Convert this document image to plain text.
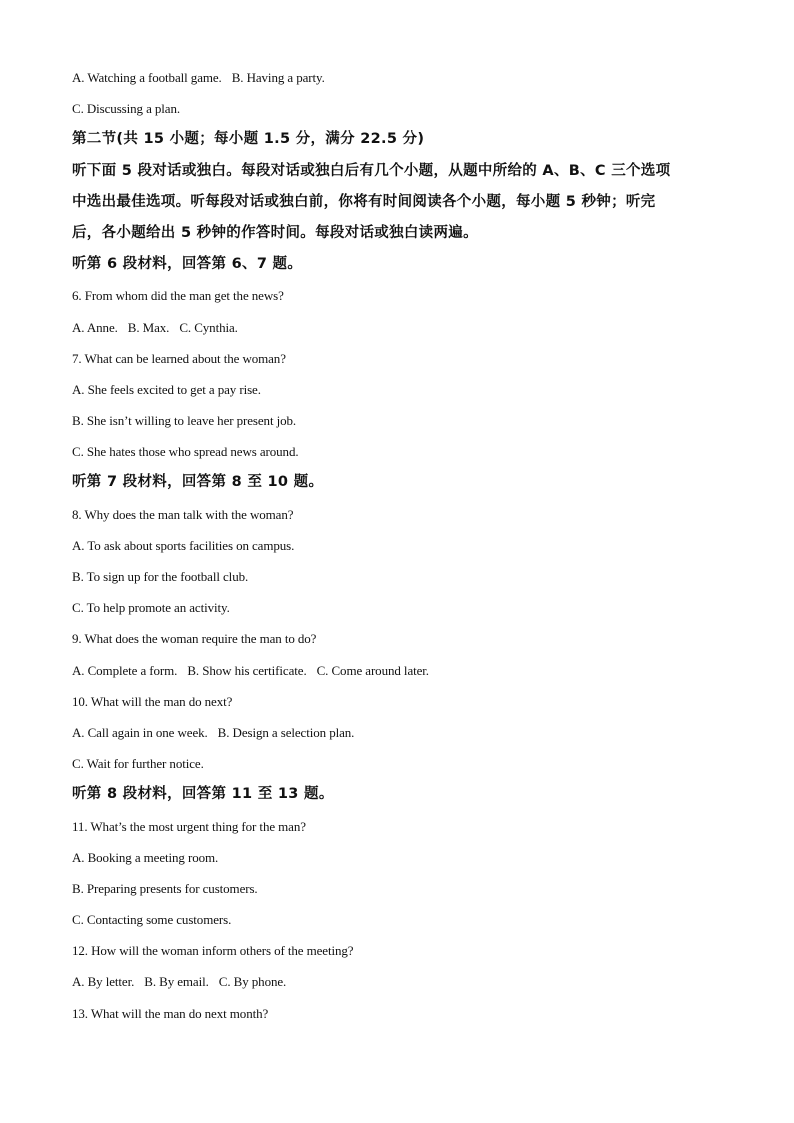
A. Watching a football game. B. Having a party.
C. Discussing a plan.
第二节(共 15 小题；每小题 1.5 分，满分 22.5 分)
听下面 5 段对话或独白。每段对话或独白后有几个小题，从题中所给的 A、B、C 三个选项
中选出最佳选项。听每段对话或独白前，你将有时间阅读各个小题，每小题 5 秒钟；听完
后，各小题给出 5 秒钟的作答时间。每段对话或独白读两遍。
听第 6 段材料，回答第 6、7 题。
6. From whom did the man get the news?
A. Anne. B. Max. C. Cynthia.
7. What can be learned about the woman?
A. She feels excited to get a pay rise.
B. She isn’t willing to leave her present job.
C. She hates those who spread news around.
听第 7 段材料，回答第 8 至 10 题。
8. Why does the man talk with the woman?
A. To ask about sports facilities on campus.
B. To sign up for the football club.
C. To help promote an activity.
9. What does the woman require the man to do?
A. Complete a form. B. Show his certificate. C. Come around later.
10. What will the man do next?
A. Call again in one week. B. Design a selection plan.
C. Wait for further notice.
听第 8 段材料，回答第 11 至 13 题。
11. What’s the most urgent thing for the man?
A. Booking a meeting room.
B. Preparing presents for customers.
C. Contacting some customers.
12. How will the woman inform others of the meeting?
A. By letter. B. By email. C. By phone.
13. What will the man do next month?
